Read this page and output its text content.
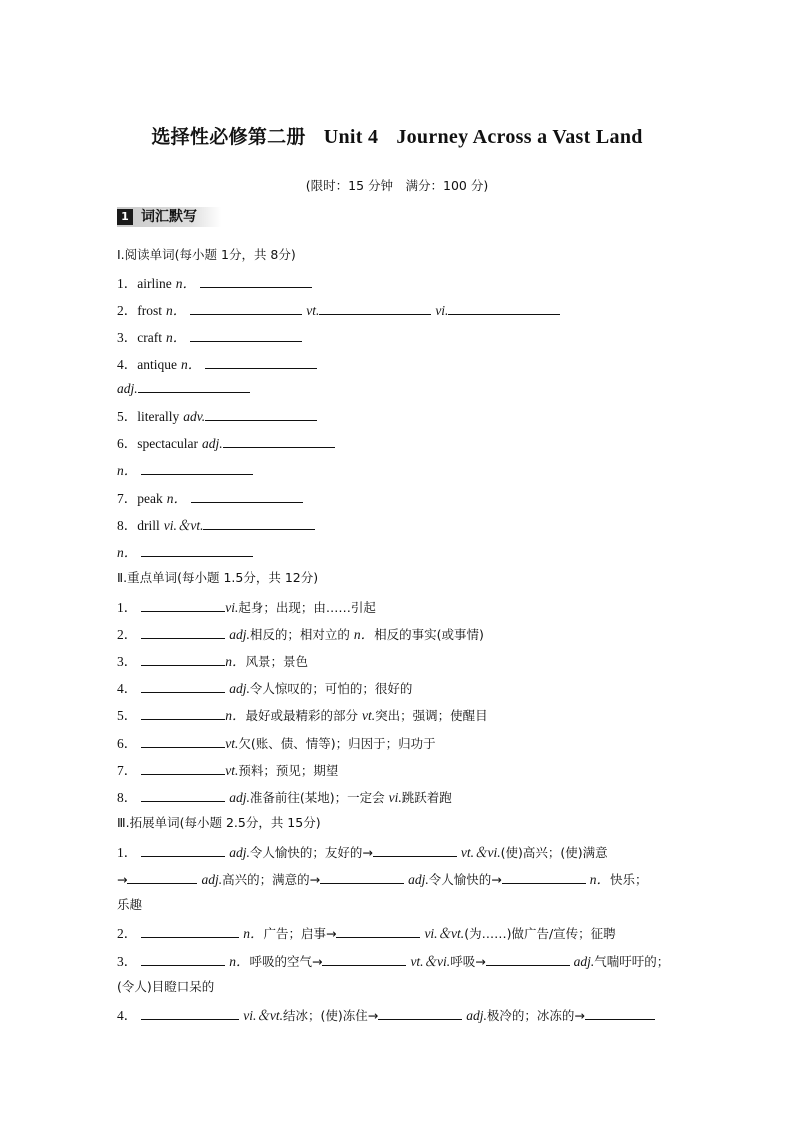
选择性必修第二册 Unit 4 Journey Across a Vast Land
(限时：15 分钟　满分：100 分)
1 词汇默写
Ⅰ.阅读单词(每小题 1分，共 8分)
1．airline n．
2．frost n．	vt.	vi.
3．craft n．
4．antique n．
adj.
5．literally adv.
6．spectacular adj.
n．
7．peak n．
8．drill vi.＆vt.
n．
Ⅱ.重点单词(每小题 1.5分，共 12分)
1．	vi.起身；出现；由……引起
2．	adj.相反的；相对立的 n．相反的事实(或事情)
3．	n．风景；景色
4．	adj.令人惊叹的；可怕的；很好的
5．	n．最好或最精彩的部分 vt.突出；强调；使醒目
6．	vt.欠(账、债、情等)；归因于；归功于
7．	vt.预料；预见；期望
8．	adj.准备前往(某地)；一定会 vi.跳跃着跑
Ⅲ.拓展单词(每小题 2.5分，共 15分)
1．	adj.令人愉快的；友好的→	vt.＆vi.(使)高兴；(使)满意
→	adj.高兴的；满意的→	adj.令人愉快的→	n．快乐；
乐趣
2．	n．广告；启事→	vi.＆vt.(为……)做广告/宣传；征聘
3．	n．呼吸的空气→	vt.＆vi.呼吸→	adj.气喘吁吁的；
(令人)目瞪口呆的
4．	vi.＆vt.结冰；(使)冻住→	adj.极冷的；冰冻的→
